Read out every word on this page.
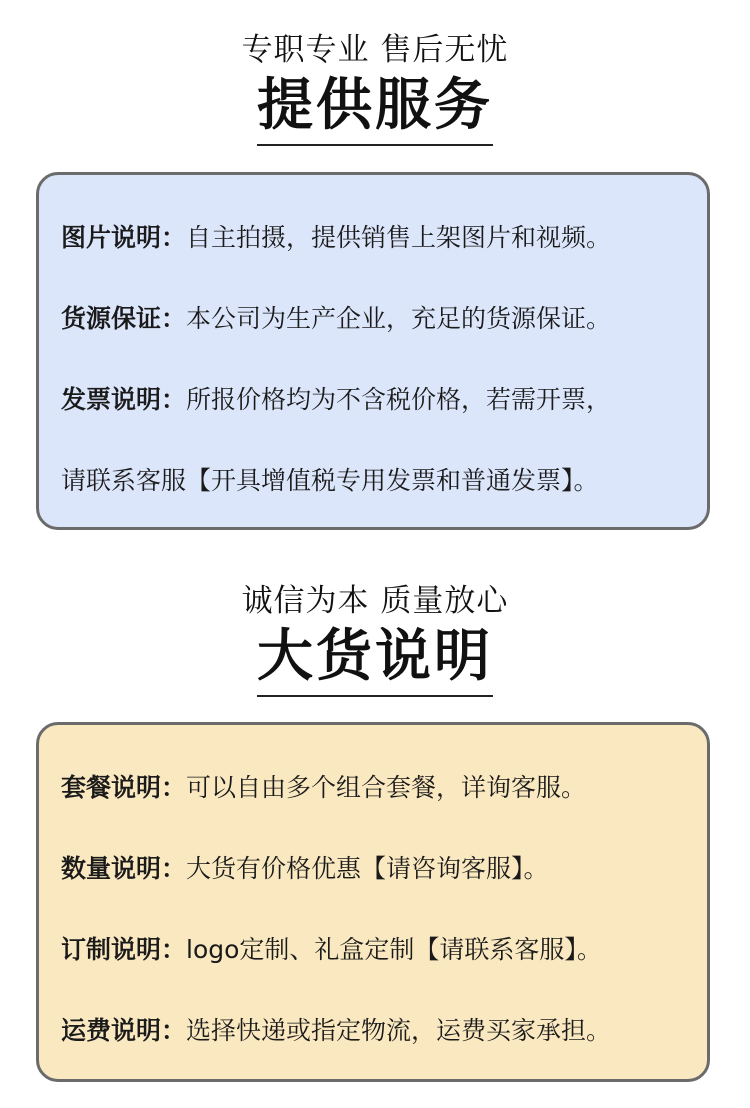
专职专业 售后无忧
提供服务
图片说明：自主拍摄，提供销售上架图片和视频。
货源保证：本公司为生产企业，充足的货源保证。
发票说明：所报价格均为不含税价格，若需开票，
请联系客服【开具增值税专用发票和普通发票】。
诚信为本 质量放心
大货说明
套餐说明：可以自由多个组合套餐，详询客服。
数量说明：大货有价格优惠【请咨询客服】。
订制说明：logo定制、礼盒定制【请联系客服】。
运费说明：选择快递或指定物流，运费买家承担。
